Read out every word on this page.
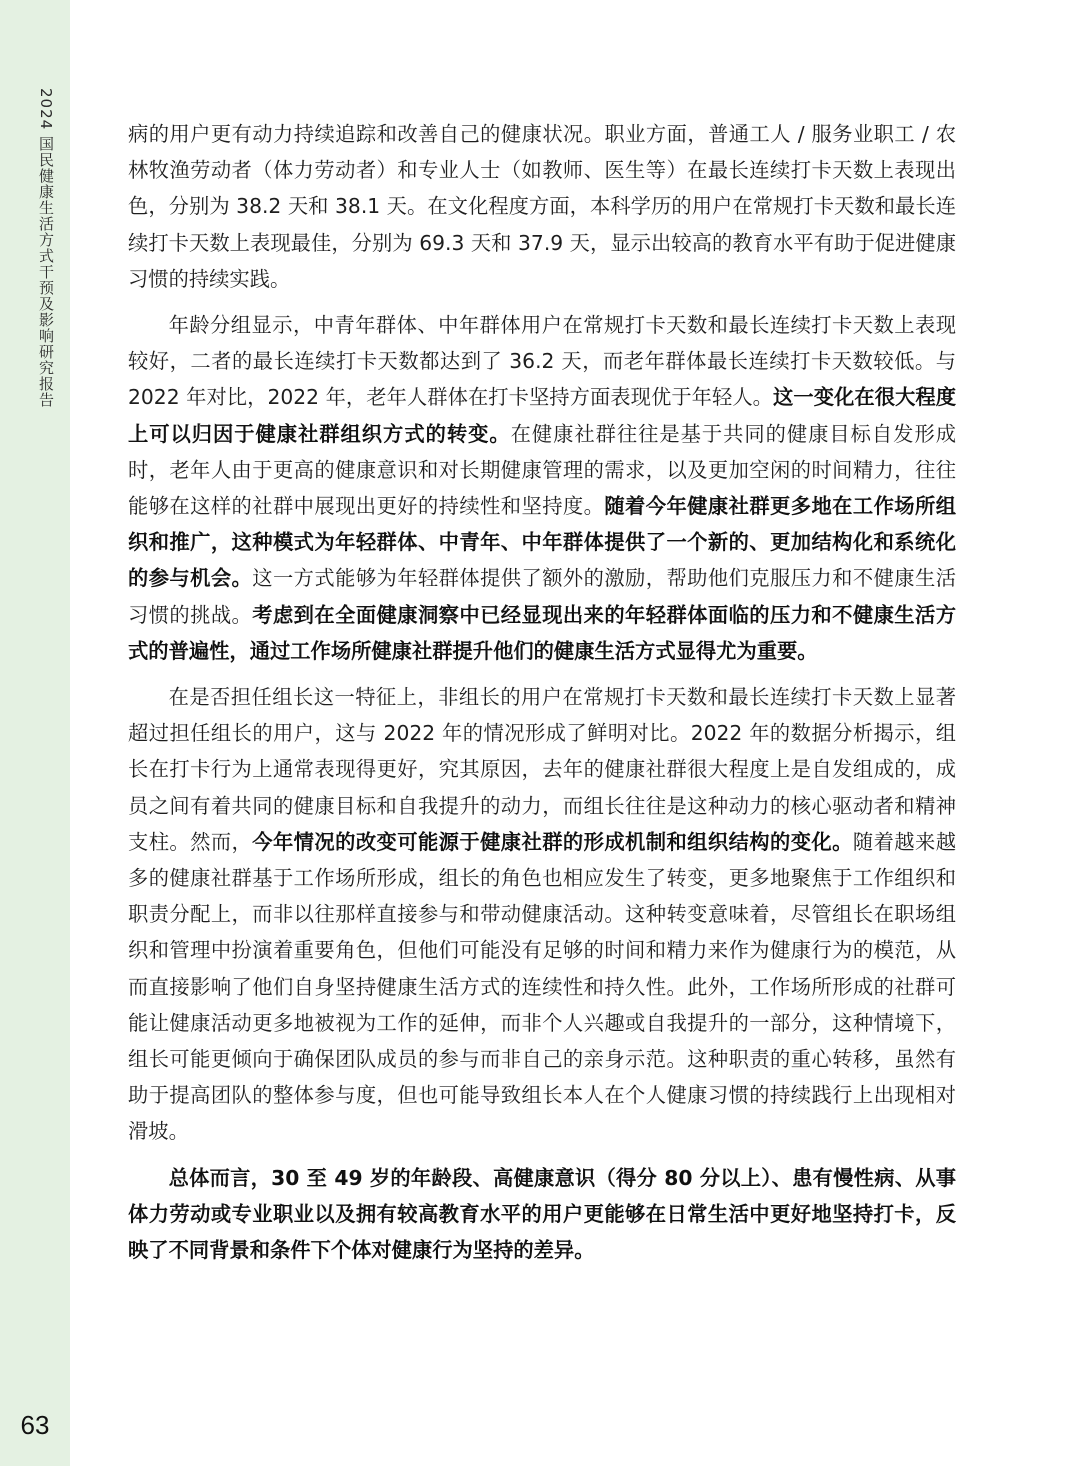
2024 国民健康生活方式干预及影响研究报告
63

病的用户更有动力持续追踪和改善自己的健康状况。职业方面，普通工人 / 服务业职工 / 农林牧渔劳动者（体力劳动者）和专业人士（如教师、医生等）在最长连续打卡天数上表现出色，分别为 38.2 天和 38.1 天。在文化程度方面，本科学历的用户在常规打卡天数和最长连续打卡天数上表现最佳，分别为 69.3 天和 37.9 天，显示出较高的教育水平有助于促进健康习惯的持续实践。

年龄分组显示，中青年群体、中年群体用户在常规打卡天数和最长连续打卡天数上表现较好，二者的最长连续打卡天数都达到了 36.2 天，而老年群体最长连续打卡天数较低。与 2022 年对比，2022 年，老年人群体在打卡坚持方面表现优于年轻人。这一变化在很大程度上可以归因于健康社群组织方式的转变。在健康社群往往是基于共同的健康目标自发形成时，老年人由于更高的健康意识和对长期健康管理的需求，以及更加空闲的时间精力，往往能够在这样的社群中展现出更好的持续性和坚持度。随着今年健康社群更多地在工作场所组织和推广，这种模式为年轻群体、中青年、中年群体提供了一个新的、更加结构化和系统化的参与机会。这一方式能够为年轻群体提供了额外的激励，帮助他们克服压力和不健康生活习惯的挑战。考虑到在全面健康洞察中已经显现出来的年轻群体面临的压力和不健康生活方式的普遍性，通过工作场所健康社群提升他们的健康生活方式显得尤为重要。

在是否担任组长这一特征上，非组长的用户在常规打卡天数和最长连续打卡天数上显著超过担任组长的用户，这与 2022 年的情况形成了鲜明对比。2022 年的数据分析揭示，组长在打卡行为上通常表现得更好，究其原因，去年的健康社群很大程度上是自发组成的，成员之间有着共同的健康目标和自我提升的动力，而组长往往是这种动力的核心驱动者和精神支柱。然而，今年情况的改变可能源于健康社群的形成机制和组织结构的变化。随着越来越多的健康社群基于工作场所形成，组长的角色也相应发生了转变，更多地聚焦于工作组织和职责分配上，而非以往那样直接参与和带动健康活动。这种转变意味着，尽管组长在职场组织和管理中扮演着重要角色，但他们可能没有足够的时间和精力来作为健康行为的模范，从而直接影响了他们自身坚持健康生活方式的连续性和持久性。此外，工作场所形成的社群可能让健康活动更多地被视为工作的延伸，而非个人兴趣或自我提升的一部分，这种情境下，组长可能更倾向于确保团队成员的参与而非自己的亲身示范。这种职责的重心转移，虽然有助于提高团队的整体参与度，但也可能导致组长本人在个人健康习惯的持续践行上出现相对滑坡。

总体而言，30 至 49 岁的年龄段、高健康意识（得分 80 分以上）、患有慢性病、从事体力劳动或专业职业以及拥有较高教育水平的用户更能够在日常生活中更好地坚持打卡，反映了不同背景和条件下个体对健康行为坚持的差异。
